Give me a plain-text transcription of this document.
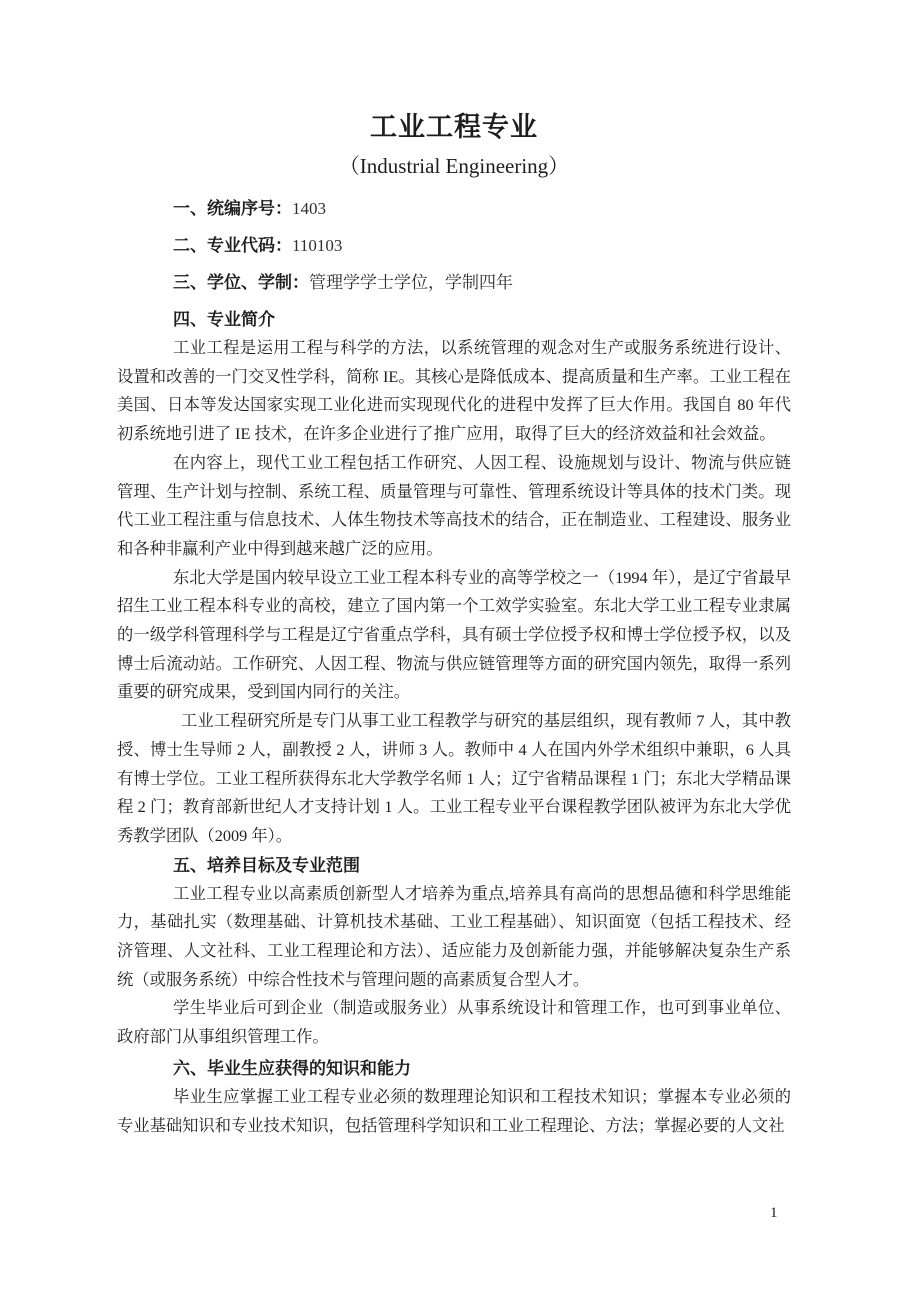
工业工程专业
（Industrial Engineering）
一、统编序号：1403
二、专业代码：110103
三、学位、学制：管理学学士学位，学制四年
四、专业简介

工业工程是运用工程与科学的方法，以系统管理的观念对生产或服务系统进行设计、设置和改善的一门交叉性学科，简称 IE。其核心是降低成本、提高质量和生产率。工业工程在美国、日本等发达国家实现工业化进而实现现代化的进程中发挥了巨大作用。我国自 80 年代初系统地引进了 IE 技术，在许多企业进行了推广应用，取得了巨大的经济效益和社会效益。

在内容上，现代工业工程包括工作研究、人因工程、设施规划与设计、物流与供应链管理、生产计划与控制、系统工程、质量管理与可靠性、管理系统设计等具体的技术门类。现代工业工程注重与信息技术、人体生物技术等高技术的结合，正在制造业、工程建设、服务业和各种非赢利产业中得到越来越广泛的应用。

东北大学是国内较早设立工业工程本科专业的高等学校之一（1994 年），是辽宁省最早招生工业工程本科专业的高校，建立了国内第一个工效学实验室。东北大学工业工程专业隶属的一级学科管理科学与工程是辽宁省重点学科，具有硕士学位授予权和博士学位授予权，以及博士后流动站。工作研究、人因工程、物流与供应链管理等方面的研究国内领先，取得一系列重要的研究成果，受到国内同行的关注。

工业工程研究所是专门从事工业工程教学与研究的基层组织，现有教师 7 人，其中教授、博士生导师 2 人，副教授 2 人，讲师 3 人。教师中 4 人在国内外学术组织中兼职，6 人具有博士学位。工业工程所获得东北大学教学名师 1 人；辽宁省精品课程 1 门；东北大学精品课程 2 门；教育部新世纪人才支持计划 1 人。工业工程专业平台课程教学团队被评为东北大学优秀教学团队（2009 年）。

五、培养目标及专业范围

工业工程专业以高素质创新型人才培养为重点,培养具有高尚的思想品德和科学思维能力，基础扎实（数理基础、计算机技术基础、工业工程基础）、知识面宽（包括工程技术、经济管理、人文社科、工业工程理论和方法）、适应能力及创新能力强，并能够解决复杂生产系统（或服务系统）中综合性技术与管理问题的高素质复合型人才。

学生毕业后可到企业（制造或服务业）从事系统设计和管理工作，也可到事业单位、政府部门从事组织管理工作。

六、毕业生应获得的知识和能力

毕业生应掌握工业工程专业必须的数理理论知识和工程技术知识；掌握本专业必须的专业基础知识和专业技术知识，包括管理科学知识和工业工程理论、方法；掌握必要的人文社

1
